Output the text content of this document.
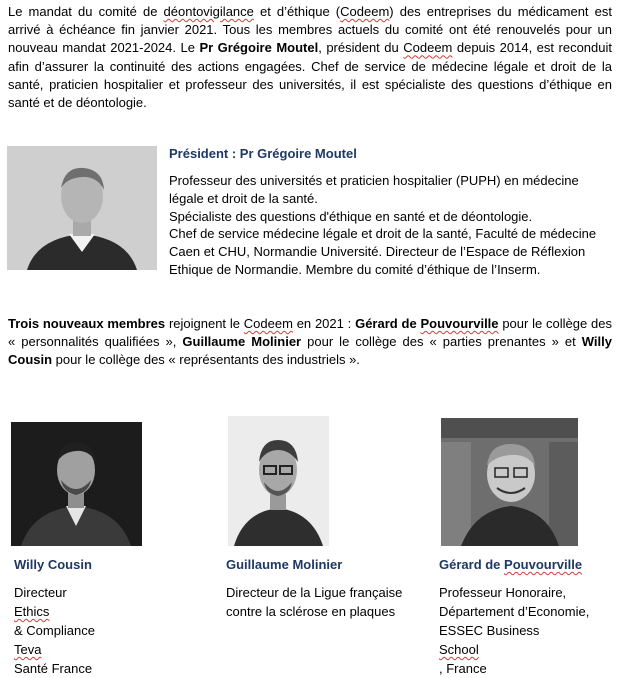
Le mandat du comité de déontovigilance et d’éthique (Codeem) des entreprises du médicament est arrivé à échéance fin janvier 2021. Tous les membres actuels du comité ont été renouvelés pour un nouveau mandat 2021-2024. Le Pr Grégoire Moutel, président du Codeem depuis 2014, est reconduit afin d’assurer la continuité des actions engagées. Chef de service de médecine légale et droit de la santé, praticien hospitalier et professeur des universités, il est spécialiste des questions d’éthique en santé et de déontologie.

Président : Pr Grégoire Moutel

Professeur des universités et praticien hospitalier (PUPH) en médecine
légale et droit de la santé.
Spécialiste des questions d'éthique en santé et de déontologie.
Chef de service médecine légale et droit de la santé, Faculté de médecine
Caen et CHU, Normandie Université. Directeur de l’Espace de Réflexion
Ethique de Normandie. Membre du comité d’éthique de l’Inserm.

Trois nouveaux membres rejoignent le Codeem en 2021 : Gérard de Pouvourville pour le collège des « personnalités qualifiées », Guillaume Molinier pour le collège des « parties prenantes » et Willy Cousin pour le collège des « représentants des industriels ».

Willy Cousin	Guillaume Molinier	Gérard de Pouvourville

Directeur
Ethics
& Compliance
Teva
Santé France
Directeur de la Ligue française
contre la sclérose en plaques
Professeur Honoraire,
Département d’Economie,
ESSEC Business
School
, France
